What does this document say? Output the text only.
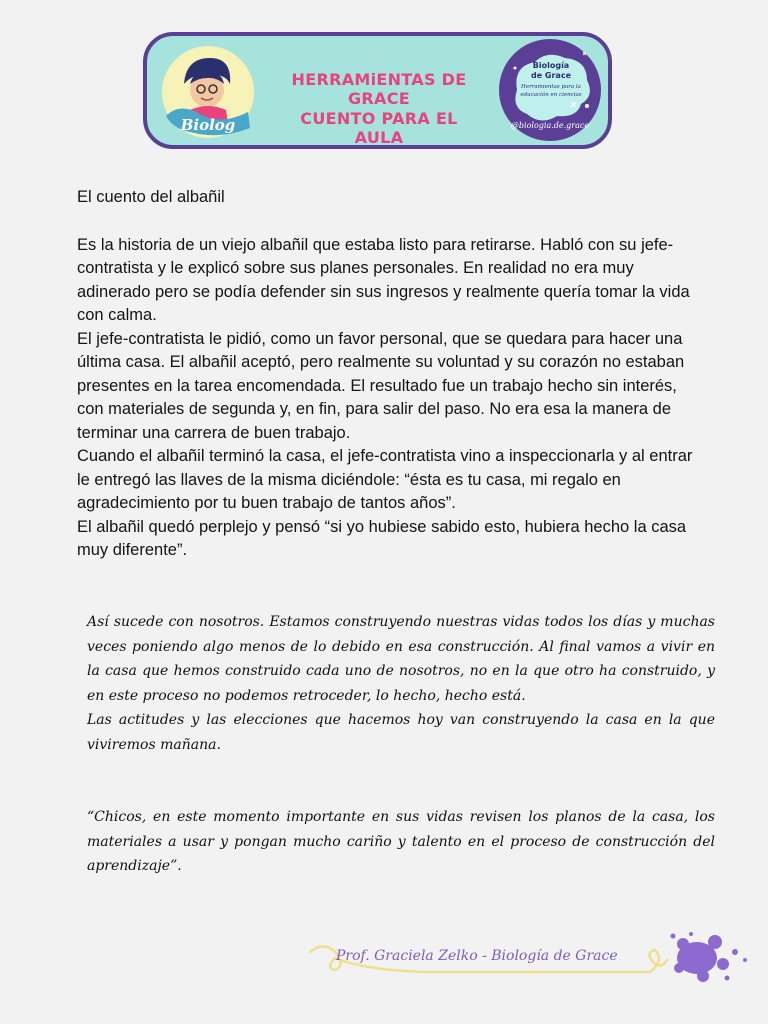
Biolog
HERRAMiENTAS DE GRACE
CUENTO PARA EL AULA
Biología
de Grace
Herramientas para la
educación en ciencias
@biologia.de.grace

El cuento del albañil

Es la historia de un viejo albañil que estaba listo para retirarse. Habló con su jefe-contratista y le explicó sobre sus planes personales. En realidad no era muy adinerado pero se podía defender sin sus ingresos y realmente quería tomar la vida con calma.

El jefe-contratista le pidió, como un favor personal, que se quedara para hacer una última casa. El albañil aceptó, pero realmente su voluntad y su corazón no estaban presentes en la tarea encomendada. El resultado fue un trabajo hecho sin interés, con materiales de segunda y, en fin, para salir del paso. No era esa la manera de terminar una carrera de buen trabajo.

Cuando el albañil terminó la casa, el jefe-contratista vino a inspeccionarla y al entrar le entregó las llaves de la misma diciéndole: “ésta es tu casa, mi regalo en agradecimiento por tu buen trabajo de tantos años”.

El albañil quedó perplejo y pensó “si yo hubiese sabido esto, hubiera hecho la casa muy diferente”.

Así sucede con nosotros. Estamos construyendo nuestras vidas todos los días y muchas veces poniendo algo menos de lo debido en esa construcción. Al final vamos a vivir en la casa que hemos construido cada uno de nosotros, no en la que otro ha construido, y en este proceso no podemos retroceder, lo hecho, hecho está.

Las actitudes y las elecciones que hacemos hoy van construyendo la casa en la que viviremos mañana.

“Chicos, en este momento importante en sus vidas revisen los planos de la casa, los materiales a usar y pongan mucho cariño y talento en el proceso de construcción del aprendizaje”.

Prof. Graciela Zelko - Biología de Grace
